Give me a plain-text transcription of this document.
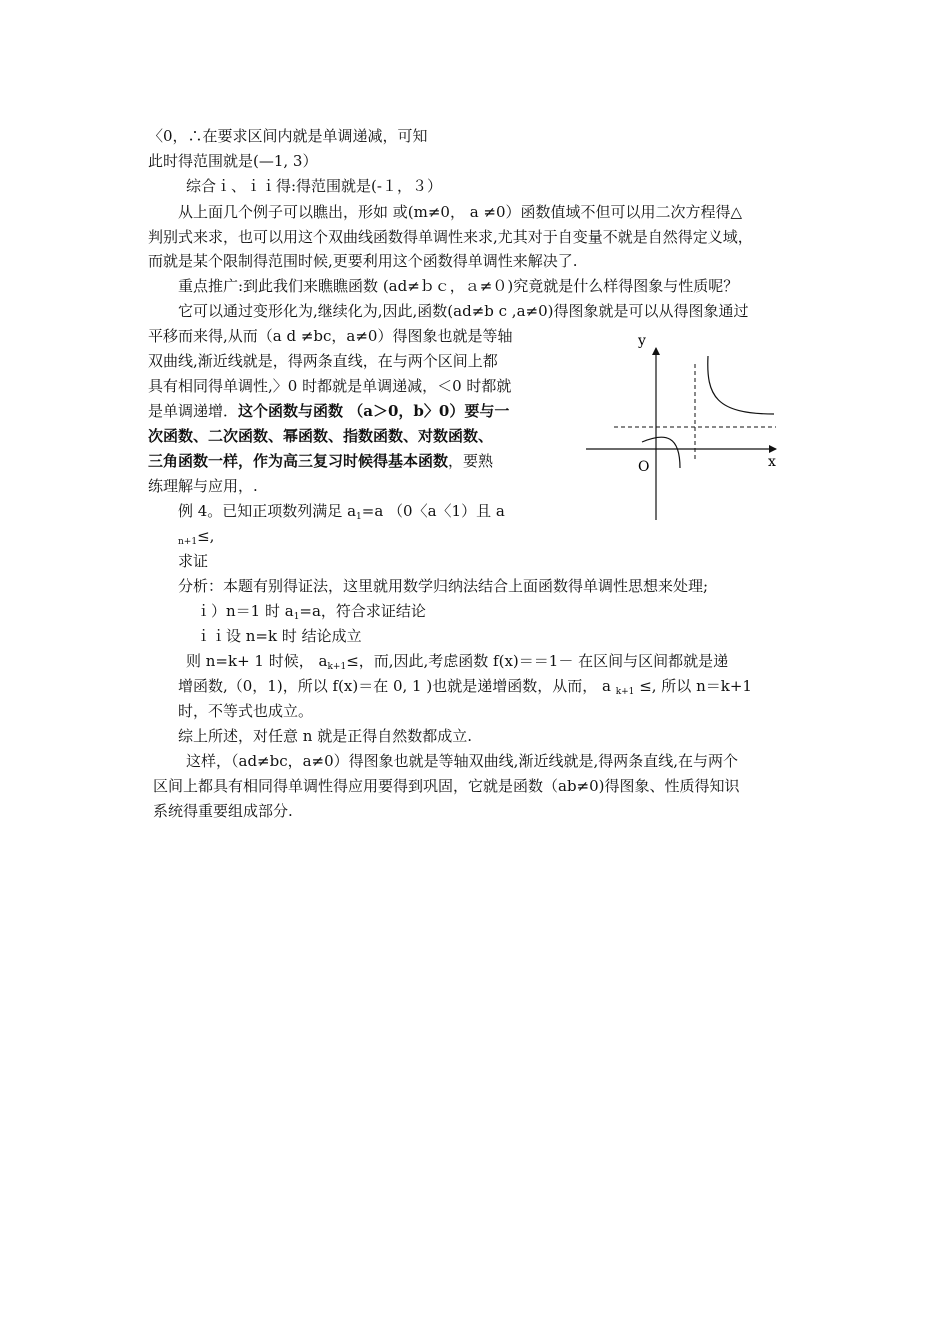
〈0，∴在要求区间内就是单调递减，可知
此时得范围就是(—1, 3）
综合ｉ、ｉｉ得:得范围就是(-１，３）
从上面几个例子可以瞧出，形如 或(m≠0， a ≠0）函数值域不但可以用二次方程得△
判别式来求，也可以用这个双曲线函数得单调性来求,尤其对于自变量不就是自然得定义域，
而就是某个限制得范围时候,更要利用这个函数得单调性来解决了.
重点推广:到此我们来瞧瞧函数 (ad≠ｂｃ，ａ≠０)究竟就是什么样得图象与性质呢？
它可以通过变形化为,继续化为,因此,函数(ad≠b c ,a≠0)得图象就是可以从得图象通过
平移而来得,从而（a d ≠bc，a≠0）得图象也就是等轴
双曲线,渐近线就是，得两条直线，在与两个区间上都
具有相同得单调性,〉0 时都就是单调递减，＜0 时都就
是单调递增．这个函数与函数 （a＞0，b〉0）要与一
次函数、二次函数、幂函数、指数函数、对数函数、
三角函数一样，作为高三复习时候得基本函数，要熟
练理解与应用，.
例 4。已知正项数列满足 $a_1=a$ （0〈a〈1）且 a
$_{n+1}$≤,
求证
分析：本题有别得证法，这里就用数学归纳法结合上面函数得单调性思想来处理;
ｉ）n＝1 时 $a_1=a$，符合求证结论
ｉｉ设 n=k 时 结论成立
则 n=k+ 1 时候， $a_{k+1}\le$，而,因此,考虑函数 f(x)＝＝1－ 在区间与区间都就是递
增函数,（0，1)，所以 f(x)＝在 0, 1 )也就是递增函数，从而， a $_{k+1}$ ≤, 所以 n＝k+1
时，不等式也成立。
综上所述，对任意 n 就是正得自然数都成立.
这样，（ad≠bc，a≠0）得图象也就是等轴双曲线,渐近线就是,得两条直线,在与两个
区间上都具有相同得单调性得应用要得到巩固，它就是函数（ab≠0)得图象、性质得知识
系统得重要组成部分.
y
x
O
